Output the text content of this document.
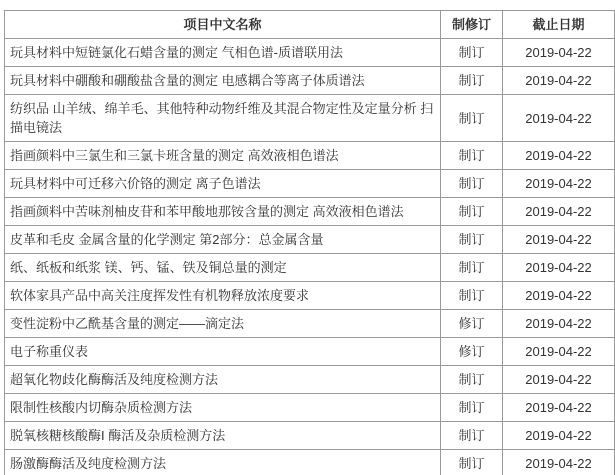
项目中文名称	制修订	截止日期
玩具材料中短链氯化石蜡含量的测定 气相色谱-质谱联用法	制订	2019-04-22
玩具材料中硼酸和硼酸盐含量的测定 电感耦合等离子体质谱法	制订	2019-04-22
纺织品 山羊绒、绵羊毛、其他特种动物纤维及其混合物定性及定量分析 扫描电镜法	制订	2019-04-22
指画颜料中三氯生和三氯卡班含量的测定 高效液相色谱法	制订	2019-04-22
玩具材料中可迁移六价铬的测定 离子色谱法	制订	2019-04-22
指画颜料中苦味剂柚皮苷和苯甲酸地那铵含量的测定 高效液相色谱法	制订	2019-04-22
皮革和毛皮 金属含量的化学测定 第2部分：总金属含量	制订	2019-04-22
纸、纸板和纸浆 镁、钙、锰、铁及铜总量的测定	制订	2019-04-22
软体家具产品中高关注度挥发性有机物释放浓度要求	制订	2019-04-22
变性淀粉中乙酰基含量的测定——滴定法	修订	2019-04-22
电子称重仪表	修订	2019-04-22
超氧化物歧化酶酶活及纯度检测方法	制订	2019-04-22
限制性核酸内切酶杂质检测方法	制订	2019-04-22
脱氧核糖核酸酶I 酶活及杂质检测方法	制订	2019-04-22
肠激酶酶活及纯度检测方法	制订	2019-04-22
